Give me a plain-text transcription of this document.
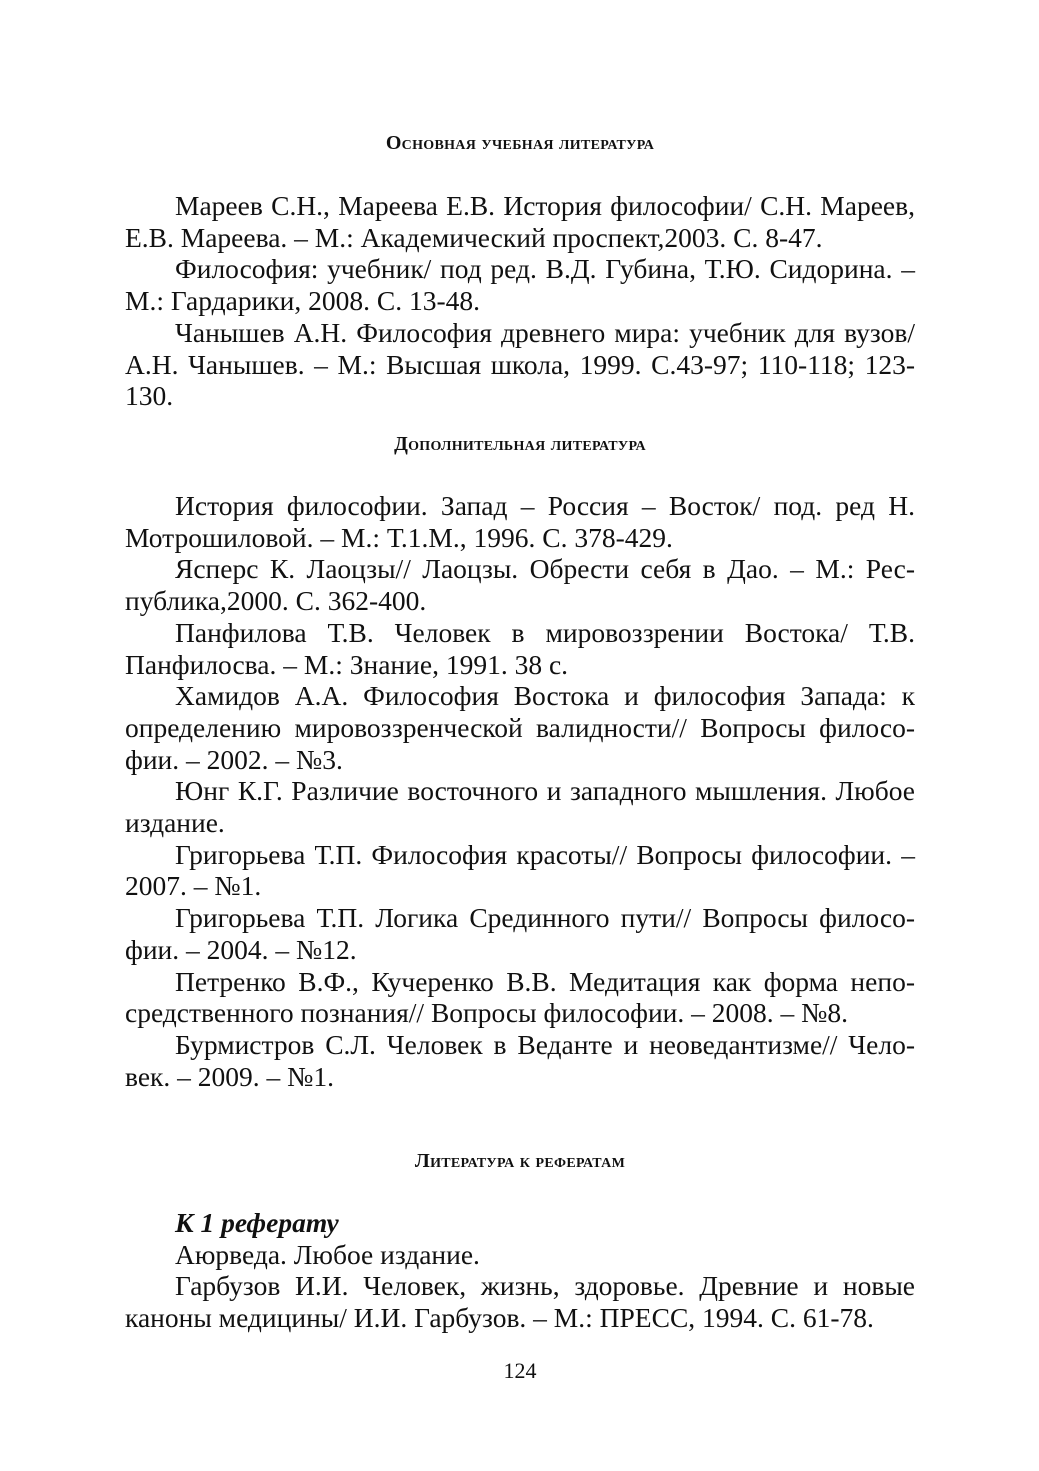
Основная учебная литература

Мареев С.Н., Мареева Е.В. История философии/ С.Н. Мареев, Е.В. Мареева. – М.: Академический проспект,2003. С. 8-47.

Философия: учебник/ под ред. В.Д. Губина, Т.Ю. Сидорина. – М.: Гардарики, 2008. С. 13-48.

Чанышев А.Н. Философия древнего мира: учебник для вузов/ А.Н. Чанышев. – М.: Высшая школа, 1999. С.43-97; 110-118; 123-130.

Дополнительная литература

История философии. Запад – Россия – Восток/ под. ред Н. Мотрошиловой. – М.: Т.1.М., 1996. С. 378-429.

Ясперс К. Лаоцзы// Лаоцзы. Обрести себя в Дао. – М.: Республика,2000. С. 362-400.

Панфилова Т.В. Человек в мировоззрении Востока/ Т.В. Панфилосва. – М.: Знание, 1991. 38 с.

Хамидов А.А. Философия Востока и философия Запада: к определению мировоззренческой валидности// Вопросы философии. – 2002. – №3.

Юнг К.Г. Различие восточного и западного мышления. Любое издание.

Григорьева Т.П. Философия красоты// Вопросы философии. – 2007. – №1.

Григорьева Т.П. Логика Срединного пути// Вопросы философии. – 2004. – №12.

Петренко В.Ф., Кучеренко В.В. Медитация как форма непосредственного познания// Вопросы философии. – 2008. – №8.

Бурмистров С.Л. Человек в Веданте и неоведантизме// Человек. – 2009. – №1.

Литература к рефератам

К 1 реферату

Аюрведа. Любое издание.

Гарбузов И.И. Человек, жизнь, здоровье. Древние и новые каноны медицины/ И.И. Гарбузов. – М.: ПРЕСС, 1994. С. 61-78.

124
